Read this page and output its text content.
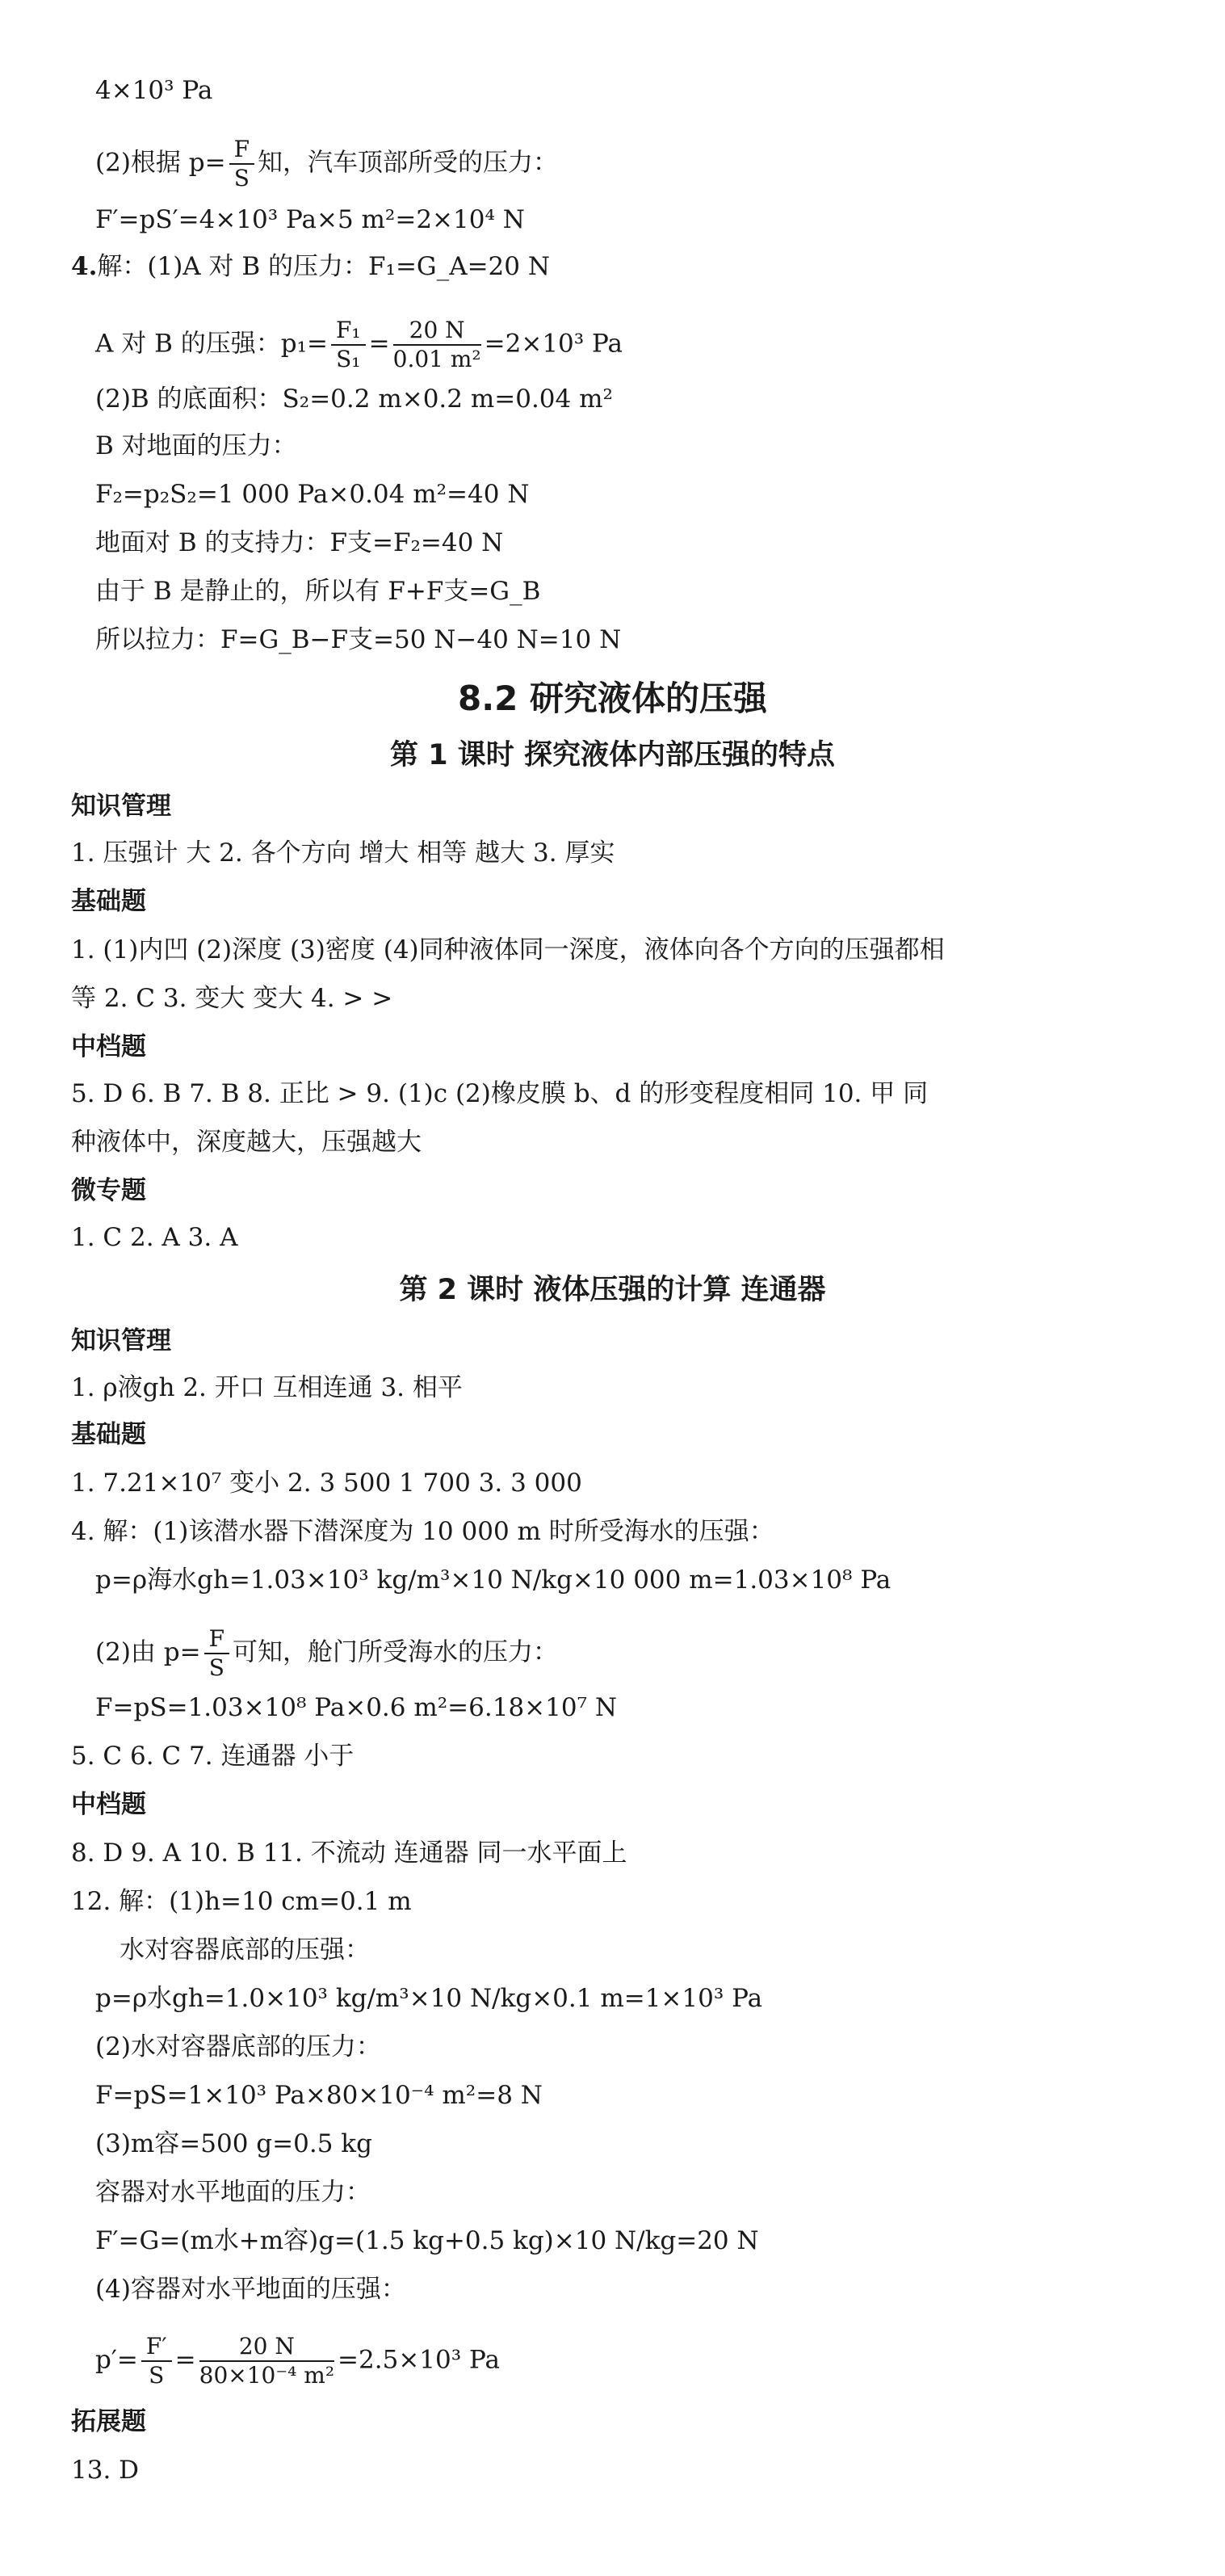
4×10³ Pa
(2)根据 $p= \frac{F}{S}$ 知，汽车顶部所受的压力：
F′=pS′=4×10³ Pa×5 m²=2×10⁴ N
4.解：(1)A 对 B 的压力：F₁=G_A=20 N
A 对 B 的压强：$p_1= \frac{\text{F₁}}{\text{S₁}} = \frac{20 N}{\text{0.01 m²}} =2\times 10^3$ Pa
(2)B 的底面积：S₂=0.2 m×0.2 m=0.04 m²
B 对地面的压力：
F₂=p₂S₂=1 000 Pa×0.04 m²=40 N
地面对 B 的支持力：F支=F₂=40 N
由于 B 是静止的，所以有 F+F支=G_B
所以拉力：F=G_B−F支=50 N−40 N=10 N
8.2 研究液体的压强
第 1 课时 探究液体内部压强的特点
知识管理
1. 压强计 大 2. 各个方向 增大 相等 越大 3. 厚实
基础题
1. (1)内凹 (2)深度 (3)密度 (4)同种液体同一深度，液体向各个方向的压强都相
等 2. C 3. 变大 变大 4. > >
中档题
5. D 6. B 7. B 8. 正比 > 9. (1)c (2)橡皮膜 b、d 的形变程度相同 10. 甲 同
种液体中，深度越大，压强越大
微专题
1. C 2. A 3. A
第 2 课时 液体压强的计算 连通器
知识管理
1. ρ液gh 2. 开口 互相连通 3. 相平
基础题
1. 7.21×10⁷ 变小 2. 3 500 1 700 3. 3 000
4. 解：(1)该潜水器下潜深度为 10 000 m 时所受海水的压强：
p=ρ海水gh=1.03×10³ kg/m³×10 N/kg×10 000 m=1.03×10⁸ Pa
(2)由 $p= \frac{F}{S}$ 可知，舱门所受海水的压力：
F=pS=1.03×10⁸ Pa×0.6 m²=6.18×10⁷ N
5. C 6. C 7. 连通器 小于
中档题
8. D 9. A 10. B 11. 不流动 连通器 同一水平面上
12. 解：(1)h=10 cm=0.1 m
水对容器底部的压强：
p=ρ水gh=1.0×10³ kg/m³×10 N/kg×0.1 m=1×10³ Pa
(2)水对容器底部的压力：
F=pS=1×10³ Pa×80×10⁻⁴ m²=8 N
(3)m容=500 g=0.5 kg
容器对水平地面的压力：
F′=G=(m水+m容)g=(1.5 kg+0.5 kg)×10 N/kg=20 N
(4)容器对水平地面的压强：
$p'= \frac{F'}{S} = \frac{20 N}{\text{80×10⁻⁴ m²}} =2.5\times 10^3$ Pa
拓展题
13. D
